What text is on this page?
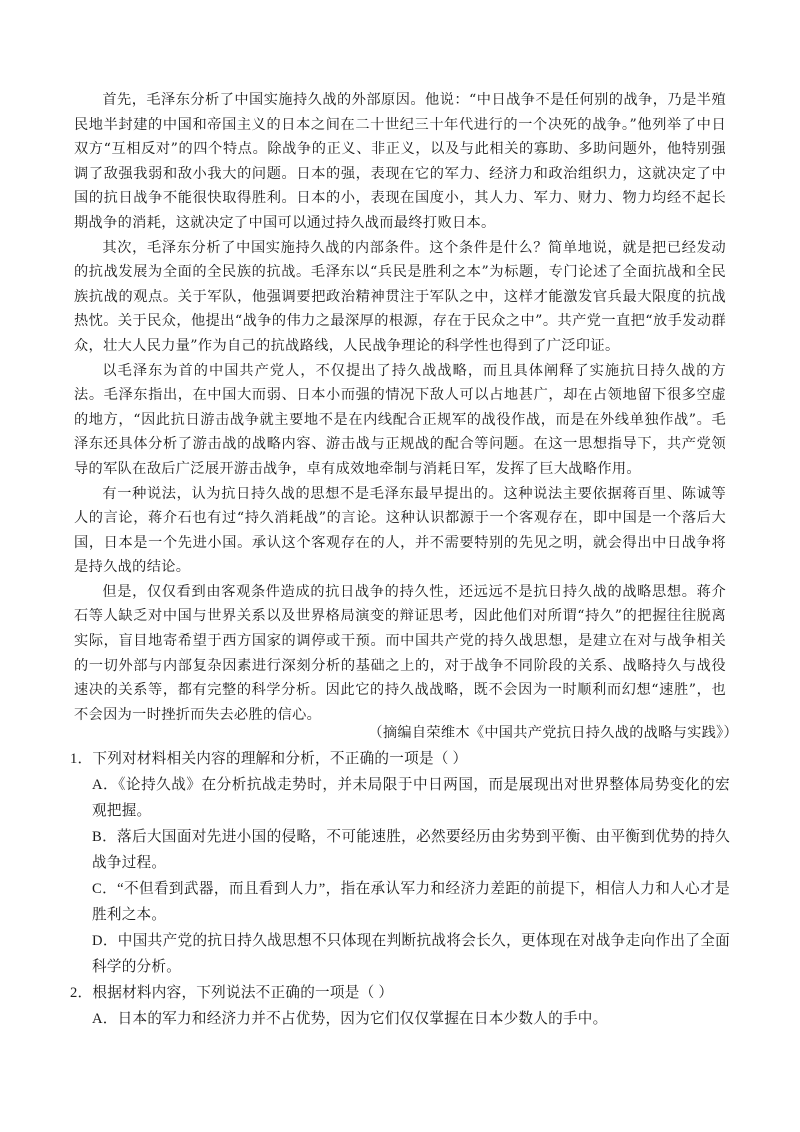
首先，毛泽东分析了中国实施持久战的外部原因。他说：“中日战争不是任何别的战争，乃是半殖民地半封建的中国和帝国主义的日本之间在二十世纪三十年代进行的一个决死的战争。”他列举了中日双方“互相反对”的四个特点。除战争的正义、非正义，以及与此相关的寡助、多助问题外，他特别强调了敌强我弱和敌小我大的问题。日本的强，表现在它的军力、经济力和政治组织力，这就决定了中国的抗日战争不能很快取得胜利。日本的小，表现在国度小，其人力、军力、财力、物力均经不起长期战争的消耗，这就决定了中国可以通过持久战而最终打败日本。

其次，毛泽东分析了中国实施持久战的内部条件。这个条件是什么？简单地说，就是把已经发动的抗战发展为全面的全民族的抗战。毛泽东以“兵民是胜利之本”为标题，专门论述了全面抗战和全民族抗战的观点。关于军队，他强调要把政治精神贯注于军队之中，这样才能激发官兵最大限度的抗战热忱。关于民众，他提出“战争的伟力之最深厚的根源，存在于民众之中”。共产党一直把“放手发动群众，壮大人民力量”作为自己的抗战路线，人民战争理论的科学性也得到了广泛印证。

以毛泽东为首的中国共产党人，不仅提出了持久战战略，而且具体阐释了实施抗日持久战的方法。毛泽东指出，在中国大而弱、日本小而强的情况下敌人可以占地甚广，却在占领地留下很多空虚的地方，“因此抗日游击战争就主要地不是在内线配合正规军的战役作战，而是在外线单独作战”。毛泽东还具体分析了游击战的战略内容、游击战与正规战的配合等问题。在这一思想指导下，共产党领导的军队在敌后广泛展开游击战争，卓有成效地牵制与消耗日军，发挥了巨大战略作用。

有一种说法，认为抗日持久战的思想不是毛泽东最早提出的。这种说法主要依据蒋百里、陈诚等人的言论，蒋介石也有过“持久消耗战”的言论。这种认识都源于一个客观存在，即中国是一个落后大国，日本是一个先进小国。承认这个客观存在的人，并不需要特别的先见之明，就会得出中日战争将是持久战的结论。

但是，仅仅看到由客观条件造成的抗日战争的持久性，还远远不是抗日持久战的战略思想。蒋介石等人缺乏对中国与世界关系以及世界格局演变的辩证思考，因此他们对所谓“持久”的把握往往脱离实际，盲目地寄希望于西方国家的调停或干预。而中国共产党的持久战思想，是建立在对与战争相关的一切外部与内部复杂因素进行深刻分析的基础之上的，对于战争不同阶段的关系、战略持久与战役速决的关系等，都有完整的科学分析。因此它的持久战战略，既不会因为一时顺利而幻想“速胜”，也不会因为一时挫折而失去必胜的信心。

（摘编自荣维木《中国共产党抗日持久战的战略与实践》）

1．下列对材料相关内容的理解和分析，不正确的一项是（ ）

A．《论持久战》在分析抗战走势时，并未局限于中日两国，而是展现出对世界整体局势变化的宏观把握。

B．落后大国面对先进小国的侵略，不可能速胜，必然要经历由劣势到平衡、由平衡到优势的持久战争过程。

C．“不但看到武器，而且看到人力”，指在承认军力和经济力差距的前提下，相信人力和人心才是胜利之本。

D．中国共产党的抗日持久战思想不只体现在判断抗战将会长久，更体现在对战争走向作出了全面科学的分析。

2．根据材料内容，下列说法不正确的一项是（ ）

A．日本的军力和经济力并不占优势，因为它们仅仅掌握在日本少数人的手中。
